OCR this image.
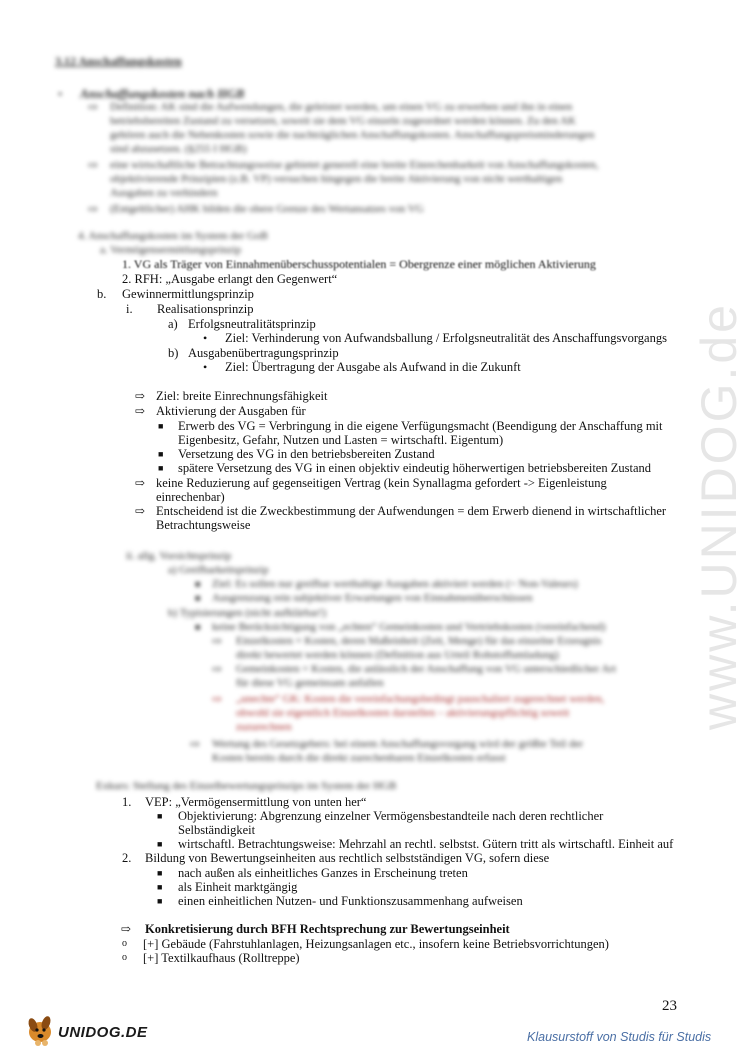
www.UNIDOG.de
3.12 Anschaffungskosten
• Anschaffungskosten nach HGB
⇨ Definition: AK sind die Aufwendungen, die geleistet werden, um einen VG zu erwerben und ihn in einen
betriebsbereiten Zustand zu versetzen, soweit sie dem VG einzeln zugeordnet werden können. Zu den AK
gehören auch die Nebenkosten sowie die nachträglichen Anschaffungskosten. Anschaffungspreisminderungen
sind abzusetzen. (§255 I HGB)
⇨ eine wirtschaftliche Betrachtungsweise gebietet generell eine breite Einrechenbarkeit von Anschaffungskosten,
objektivierende Prinzipien (z.B. VP) versuchen hingegen die breite Aktivierung von nicht werthaltigen
Ausgaben zu verhindern
⇨ (Entgeltlicher) AHK bilden die obere Grenze des Wertansatzes von VG
4. Anschaffungskosten im System der GoB
a. Vermögensermittlungsprinzip
1. VG als Träger von Einnahmenüberschusspotentialen = Obergrenze einer möglichen Aktivierung
2. RFH: „Ausgabe erlangt den Gegenwert“
b. Gewinnermittlungsprinzip
i. Realisationsprinzip
a) Erfolgsneutralitätsprinzip
• Ziel: Verhinderung von Aufwandsballung / Erfolgsneutralität des Anschaffungsvorgangs
b) Ausgabenübertragungsprinzip
• Ziel: Übertragung der Ausgabe als Aufwand in die Zukunft
⇨ Ziel: breite Einrechnungsfähigkeit
⇨ Aktivierung der Ausgaben für
■ Erwerb des VG = Verbringung in die eigene Verfügungsmacht (Beendigung der Anschaffung mit
Eigenbesitz, Gefahr, Nutzen und Lasten = wirtschaftl. Eigentum)
■ Versetzung des VG in den betriebsbereiten Zustand
■ spätere Versetzung des VG in einen objektiv eindeutig höherwertigen betriebsbereiten Zustand
⇨ keine Reduzierung auf gegenseitigen Vertrag (kein Synallagma gefordert -> Eigenleistung
einrechenbar)
⇨ Entscheidend ist die Zweckbestimmung der Aufwendungen = dem Erwerb dienend in wirtschaftlicher
Betrachtungsweise
ii. allg. Vorsichtsprinzip
a) Greifbarkeitsprinzip
■ Ziel: Es sollen nur greifbar werthaltige Ausgaben aktiviert werden (~ Non-Valeurs)
■ Ausgrenzung rein subjektiver Erwartungen von Einnahmenüberschüssen
b) Typisierungen (nicht aufklärbar!)
■ keine Berücksichtigung von „echten“ Gemeinkosten und Vertriebskosten (vereinfachend)
⇨ Einzelkosten = Kosten, deren Maßeinheit (Zeit, Menge) für das einzelne Erzeugnis
direkt bewertet werden können (Definition aus Urteil Rohstoffumladung)
⇨ Gemeinkosten = Kosten, die anlässlich der Anschaffung von VG unterschiedlicher Art
für diese VG gemeinsam anfallen
⇨ „unechte“ GK: Kosten die vereinfachungsbedingt pauschaliert zugerechnet werden,
obwohl sie eigentlich Einzelkosten darstellen – aktivierungspflichtig soweit
zuzurechnen
⇨ Wertung des Gesetzgebers: bei einem Anschaffungsvorgang wird der größte Teil der
Kosten bereits durch die direkt zurechenbaren Einzelkosten erfasst
Exkurs: Stellung des Einzelbewertungsprinzips im System der HGB
1. VEP: „Vermögensermittlung von unten her“
■ Objektivierung: Abgrenzung einzelner Vermögensbestandteile nach deren rechtlicher
Selbständigkeit
■ wirtschaftl. Betrachtungsweise: Mehrzahl an rechtl. selbstst. Gütern tritt als wirtschaftl. Einheit auf
2. Bildung von Bewertungseinheiten aus rechtlich selbstständigen VG, sofern diese
■ nach außen als einheitliches Ganzes in Erscheinung treten
■ als Einheit marktgängig
■ einen einheitlichen Nutzen- und Funktionszusammenhang aufweisen
⇨ Konkretisierung durch BFH Rechtsprechung zur Bewertungseinheit
o [+] Gebäude (Fahrstuhlanlagen, Heizungsanlagen etc., insofern keine Betriebsvorrichtungen)
o [+] Textilkaufhaus (Rolltreppe)
23
UNIDOG.DE	Klausurstoff von Studis für Studis
